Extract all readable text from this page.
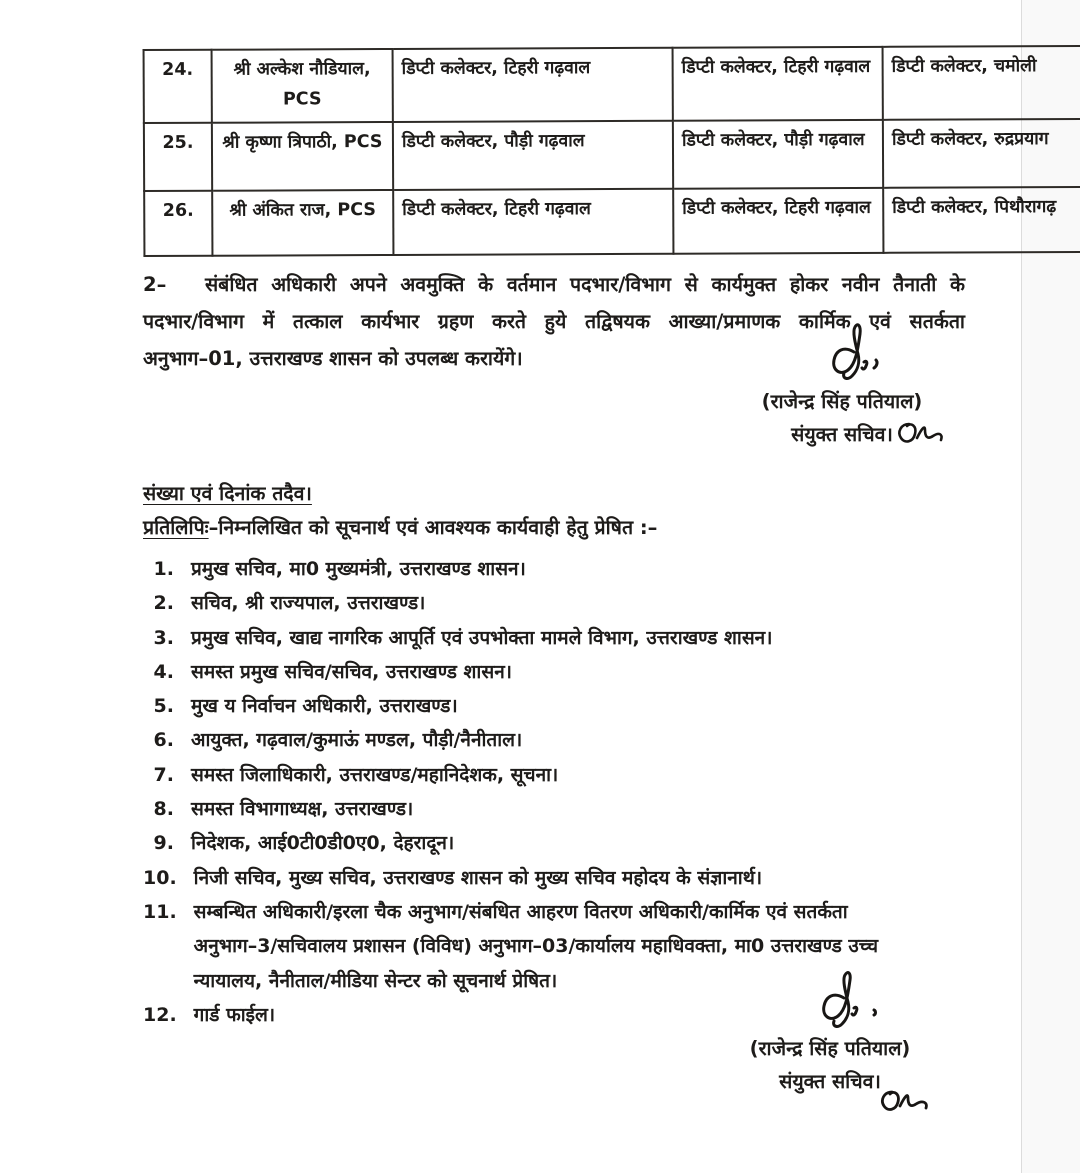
24.	श्री अल्केश नौडियाल, PCS	डिप्टी कलेक्टर, टिहरी गढ़वाल	डिप्टी कलेक्टर, टिहरी गढ़वाल	डिप्टी कलेक्टर, चमोली
25.	श्री कृष्णा त्रिपाठी, PCS	डिप्टी कलेक्टर, पौड़ी गढ़वाल	डिप्टी कलेक्टर, पौड़ी गढ़वाल	डिप्टी कलेक्टर, रुद्रप्रयाग
26.	श्री अंकित राज, PCS	डिप्टी कलेक्टर, टिहरी गढ़वाल	डिप्टी कलेक्टर, टिहरी गढ़वाल	डिप्टी कलेक्टर, पिथौरागढ़
2–	संबंधित अधिकारी अपने अवमुक्ति के वर्तमान पदभार/विभाग से कार्यमुक्त होकर नवीन तैनाती के
पदभार/विभाग में तत्काल कार्यभार ग्रहण करते हुये तद्विषयक आख्या/प्रमाणक कार्मिक एवं सतर्कता
अनुभाग–01, उत्तराखण्ड शासन को उपलब्ध करायेंगे।
(राजेन्द्र सिंह पतियाल)
संयुक्त सचिव।
संख्या एवं दिनांक तदैव।
प्रतिलिपिः–निम्नलिखित को सूचनार्थ एवं आवश्यक कार्यवाही हेतु प्रेषित :–
1. प्रमुख सचिव, मा0 मुख्यमंत्री, उत्तराखण्ड शासन।
2. सचिव, श्री राज्यपाल, उत्तराखण्ड।
3. प्रमुख सचिव, खाद्य नागरिक आपूर्ति एवं उपभोक्ता मामले विभाग, उत्तराखण्ड शासन।
4. समस्त प्रमुख सचिव/सचिव, उत्तराखण्ड शासन।
5. मुख य निर्वाचन अधिकारी, उत्तराखण्ड।
6. आयुक्त, गढ़वाल/कुमाऊं मण्डल, पौड़ी/नैनीताल।
7. समस्त जिलाधिकारी, उत्तराखण्ड/महानिदेशक, सूचना।
8. समस्त विभागाध्यक्ष, उत्तराखण्ड।
9. निदेशक, आई0टी0डी0ए0, देहरादून।
10. निजी सचिव, मुख्य सचिव, उत्तराखण्ड शासन को मुख्य सचिव महोदय के संज्ञानार्थ।
11. सम्बन्धित अधिकारी/इरला चैक अनुभाग/संबधित आहरण वितरण अधिकारी/कार्मिक एवं सतर्कता
अनुभाग–3/सचिवालय प्रशासन (विविध) अनुभाग–03/कार्यालय महाधिवक्ता, मा0 उत्तराखण्ड उच्च
न्यायालय, नैनीताल/मीडिया सेन्टर को सूचनार्थ प्रेषित।
12. गार्ड फाईल।
(राजेन्द्र सिंह पतियाल)
संयुक्त सचिव।
